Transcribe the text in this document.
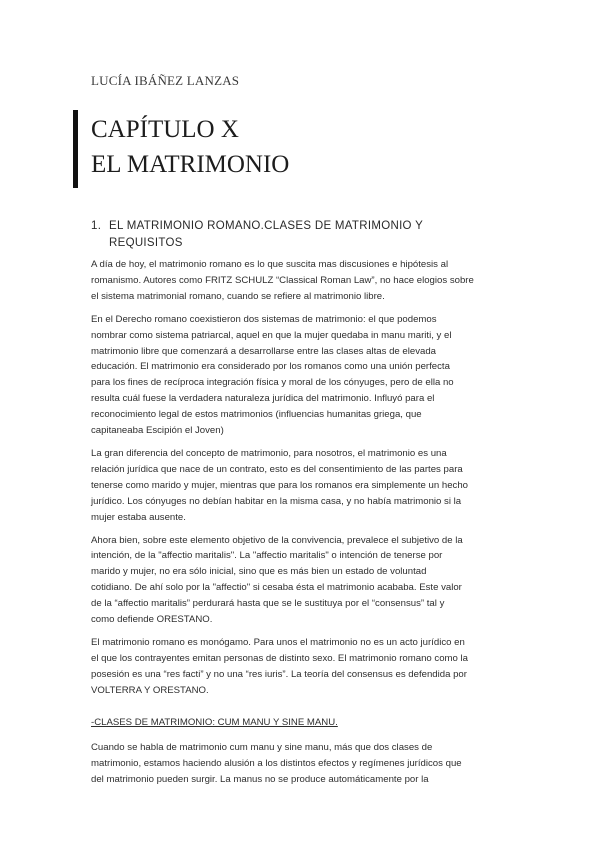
LUCÍA IBÁÑEZ LANZAS
CAPÍTULO X
EL MATRIMONIO
1. EL MATRIMONIO ROMANO.CLASES DE MATRIMONIO Y
REQUISITOS

A día de hoy, el matrimonio romano es lo que suscita mas discusiones e hipótesis al
romanismo. Autores como FRITZ SCHULZ “Classical Roman Law”, no hace elogios sobre
el sistema matrimonial romano, cuando se refiere al matrimonio libre.

En el Derecho romano coexistieron dos sistemas de matrimonio: el que podemos
nombrar como sistema patriarcal, aquel en que la mujer quedaba in manu mariti, y el
matrimonio libre que comenzará a desarrollarse entre las clases altas de elevada
educación. El matrimonio era considerado por los romanos como una unión perfecta
para los fines de recíproca integración física y moral de los cónyuges, pero de ella no
resulta cuál fuese la verdadera naturaleza jurídica del matrimonio. Influyó para el
reconocimiento legal de estos matrimonios (influencias humanitas griega, que
capitaneaba Escipión el Joven)

La gran diferencia del concepto de matrimonio, para nosotros, el matrimonio es una
relación jurídica que nace de un contrato, esto es del consentimiento de las partes para
tenerse como marido y mujer, mientras que para los romanos era simplemente un hecho
jurídico. Los cónyuges no debían habitar en la misma casa, y no había matrimonio si la
mujer estaba ausente.

Ahora bien, sobre este elemento objetivo de la convivencia, prevalece el subjetivo de la
intención, de la "affectio maritalis". La "affectio maritalis" o intención de tenerse por
marido y mujer, no era sólo inicial, sino que es más bien un estado de voluntad
cotidiano. De ahí solo por la "affectio" si cesaba ésta el matrimonio acababa. Este valor
de la “affectio maritalis” perdurará hasta que se le sustituya por el “consensus” tal y
como defiende ORESTANO.

El matrimonio romano es monógamo. Para unos el matrimonio no es un acto jurídico en
el que los contrayentes emitan personas de distinto sexo. El matrimonio romano como la
posesión es una “res facti” y no una “res iuris”. La teoría del consensus es defendida por
VOLTERRA Y ORESTANO.

-CLASES DE MATRIMONIO: CUM MANU Y SINE MANU.

Cuando se habla de matrimonio cum manu y sine manu, más que dos clases de
matrimonio, estamos haciendo alusión a los distintos efectos y regímenes jurídicos que
del matrimonio pueden surgir. La manus no se produce automáticamente por la
